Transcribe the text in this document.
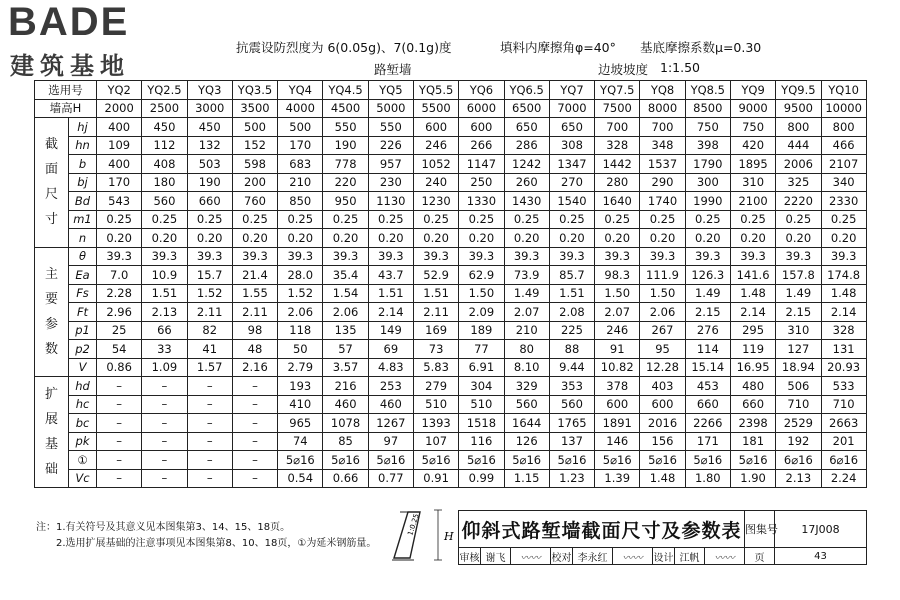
BADE
建筑基地
抗震设防烈度为 6(0.05g)、7(0.1g)度	填料内摩擦角φ=40° 基底摩擦系数μ=0.30
路堑墙	边坡坡度 1:1.50
选用号		YQ2	YQ2.5	YQ3	YQ3.5	YQ4	YQ4.5	YQ5	YQ5.5	YQ6	YQ6.5	YQ7	YQ7.5	YQ8	YQ8.5	YQ9	YQ9.5	YQ10
墙高H		2000	2500	3000	3500	4000	4500	5000	5500	6000	6500	7000	7500	8000	8500	9000	9500	10000

截
面
尺
寸	hj	400	450	450	500	500	550	550	600	600	650	650	700	700	750	750	800	800
	hn	109	112	132	152	170	190	226	246	266	286	308	328	348	398	420	444	466
	b	400	408	503	598	683	778	957	1052	1147	1242	1347	1442	1537	1790	1895	2006	2107
	bj	170	180	190	200	210	220	230	240	250	260	270	280	290	300	310	325	340
	Bd	543	560	660	760	850	950	1130	1230	1330	1430	1540	1640	1740	1990	2100	2220	2330
	m1	0.25	0.25	0.25	0.25	0.25	0.25	0.25	0.25	0.25	0.25	0.25	0.25	0.25	0.25	0.25	0.25	0.25
	n	0.20	0.20	0.20	0.20	0.20	0.20	0.20	0.20	0.20	0.20	0.20	0.20	0.20	0.20	0.20	0.20	0.20

主
要
参
数	θ	39.3	39.3	39.3	39.3	39.3	39.3	39.3	39.3	39.3	39.3	39.3	39.3	39.3	39.3	39.3	39.3	39.3
	Ea	7.0	10.9	15.7	21.4	28.0	35.4	43.7	52.9	62.9	73.9	85.7	98.3	111.9	126.3	141.6	157.8	174.8
	Fs	2.28	1.51	1.52	1.55	1.52	1.54	1.51	1.51	1.50	1.49	1.51	1.50	1.50	1.49	1.48	1.49	1.48
	Ft	2.96	2.13	2.11	2.11	2.06	2.06	2.14	2.11	2.09	2.07	2.08	2.07	2.06	2.15	2.14	2.15	2.14
	p1	25	66	82	98	118	135	149	169	189	210	225	246	267	276	295	310	328
	p2	54	33	41	48	50	57	69	73	77	80	88	91	95	114	119	127	131
	V	0.86	1.09	1.57	2.16	2.79	3.57	4.83	5.83	6.91	8.10	9.44	10.82	12.28	15.14	16.95	18.94	20.93

扩
展
基
础	hd	–	–	–	–	193	216	253	279	304	329	353	378	403	453	480	506	533
	hc	–	–	–	–	410	460	460	510	510	560	560	600	600	660	660	710	710
	bc	–	–	–	–	965	1078	1267	1393	1518	1644	1765	1891	2016	2266	2398	2529	2663
	pk	–	–	–	–	74	85	97	107	116	126	137	146	156	171	181	192	201
	①	–	–	–	–	5⌀16	5⌀16	5⌀16	5⌀16	5⌀16	5⌀16	5⌀16	5⌀16	5⌀16	5⌀16	5⌀16	6⌀16	6⌀16
	Vc	–	–	–	–	0.54	0.66	0.77	0.91	0.99	1.15	1.23	1.39	1.48	1.80	1.90	2.13	2.24
注：1.有关符号及其意义见本图集第3、14、15、18页。
2.选用扩展基础的注意事项见本图集第8、10、18页，①为延米钢筋量。
H
1:0.25 仰斜式路堑墙截面尺寸及参数表									图集号	17J008
审核	谢飞	〰〰	校对	李永红	〰〰	设计	江帆	〰〰	页	43
